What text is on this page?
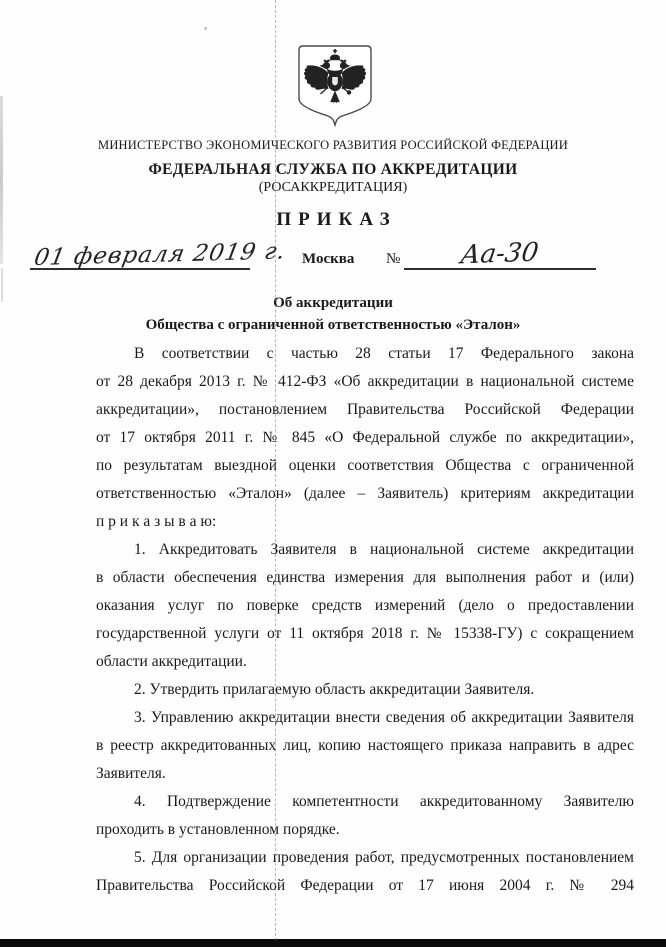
МИНИСТЕРСТВО ЭКОНОМИЧЕСКОГО РАЗВИТИЯ РОССИЙСКОЙ ФЕДЕРАЦИИ
ФЕДЕРАЛЬНАЯ СЛУЖБА ПО АККРЕДИТАЦИИ
(РОСАККРЕДИТАЦИЯ)
ПРИКАЗ
01 февраля 2019 г. Москва №	Аа-30
Об аккредитации
Общества с ограниченной ответственностью «Эталон»
В соответствии с частью 28 статьи 17 Федерального закона
от 28 декабря 2013 г. № 412-ФЗ «Об аккредитации в национальной системе
аккредитации», постановлением Правительства Российской Федерации
от 17 октября 2011 г. № 845 «О Федеральной службе по аккредитации»,
по результатам выездной оценки соответствия Общества с ограниченной
ответственностью «Эталон» (далее – Заявитель) критериям аккредитации
п р и к а з ы в а ю:
1. Аккредитовать Заявителя в национальной системе аккредитации
в области обеспечения единства измерения для выполнения работ и (или)
оказания услуг по поверке средств измерений (дело о предоставлении
государственной услуги от 11 октября 2018 г. № 15338-ГУ) с сокращением
области аккредитации.
2. Утвердить прилагаемую область аккредитации Заявителя.
3. Управлению аккредитации внести сведения об аккредитации Заявителя
в реестр аккредитованных лиц, копию настоящего приказа направить в адрес
Заявителя.
4. Подтверждение компетентности аккредитованному Заявителю
проходить в установленном порядке.
5. Для организации проведения работ, предусмотренных постановлением
Правительства Российской Федерации от 17 июня 2004 г. № 294
